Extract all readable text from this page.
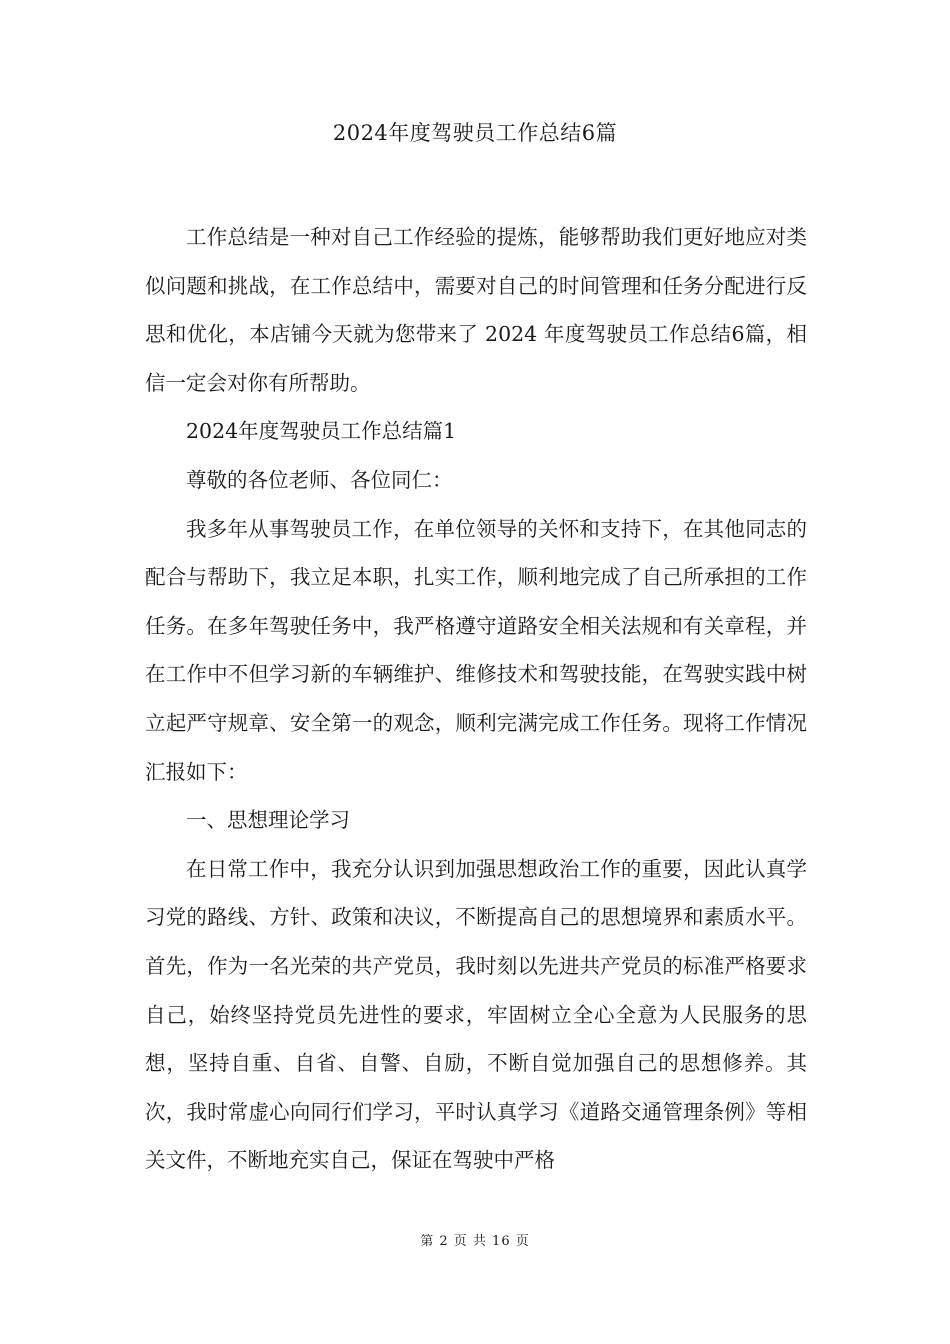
2024年度驾驶员工作总结6篇

工作总结是一种对自己工作经验的提炼，能够帮助我们更好地应对类似问题和挑战，在工作总结中，需要对自己的时间管理和任务分配进行反思和优化，本店铺今天就为您带来了 2024 年度驾驶员工作总结6篇，相信一定会对你有所帮助。

2024年度驾驶员工作总结篇1

尊敬的各位老师、各位同仁：

我多年从事驾驶员工作，在单位领导的关怀和支持下，在其他同志的配合与帮助下，我立足本职，扎实工作，顺利地完成了自己所承担的工作任务。在多年驾驶任务中，我严格遵守道路安全相关法规和有关章程，并在工作中不但学习新的车辆维护、维修技术和驾驶技能，在驾驶实践中树立起严守规章、安全第一的观念，顺利完满完成工作任务。现将工作情况汇报如下：

一、思想理论学习

在日常工作中，我充分认识到加强思想政治工作的重要，因此认真学习党的路线、方针、政策和决议，不断提高自己的思想境界和素质水平。首先，作为一名光荣的共产党员，我时刻以先进共产党员的标准严格要求自己，始终坚持党员先进性的要求，牢固树立全心全意为人民服务的思想，坚持自重、自省、自警、自励，不断自觉加强自己的思想修养。其次，我时常虚心向同行们学习，平时认真学习《道路交通管理条例》等相关文件，不断地充实自己，保证在驾驶中严格

第 2 页 共 16 页
